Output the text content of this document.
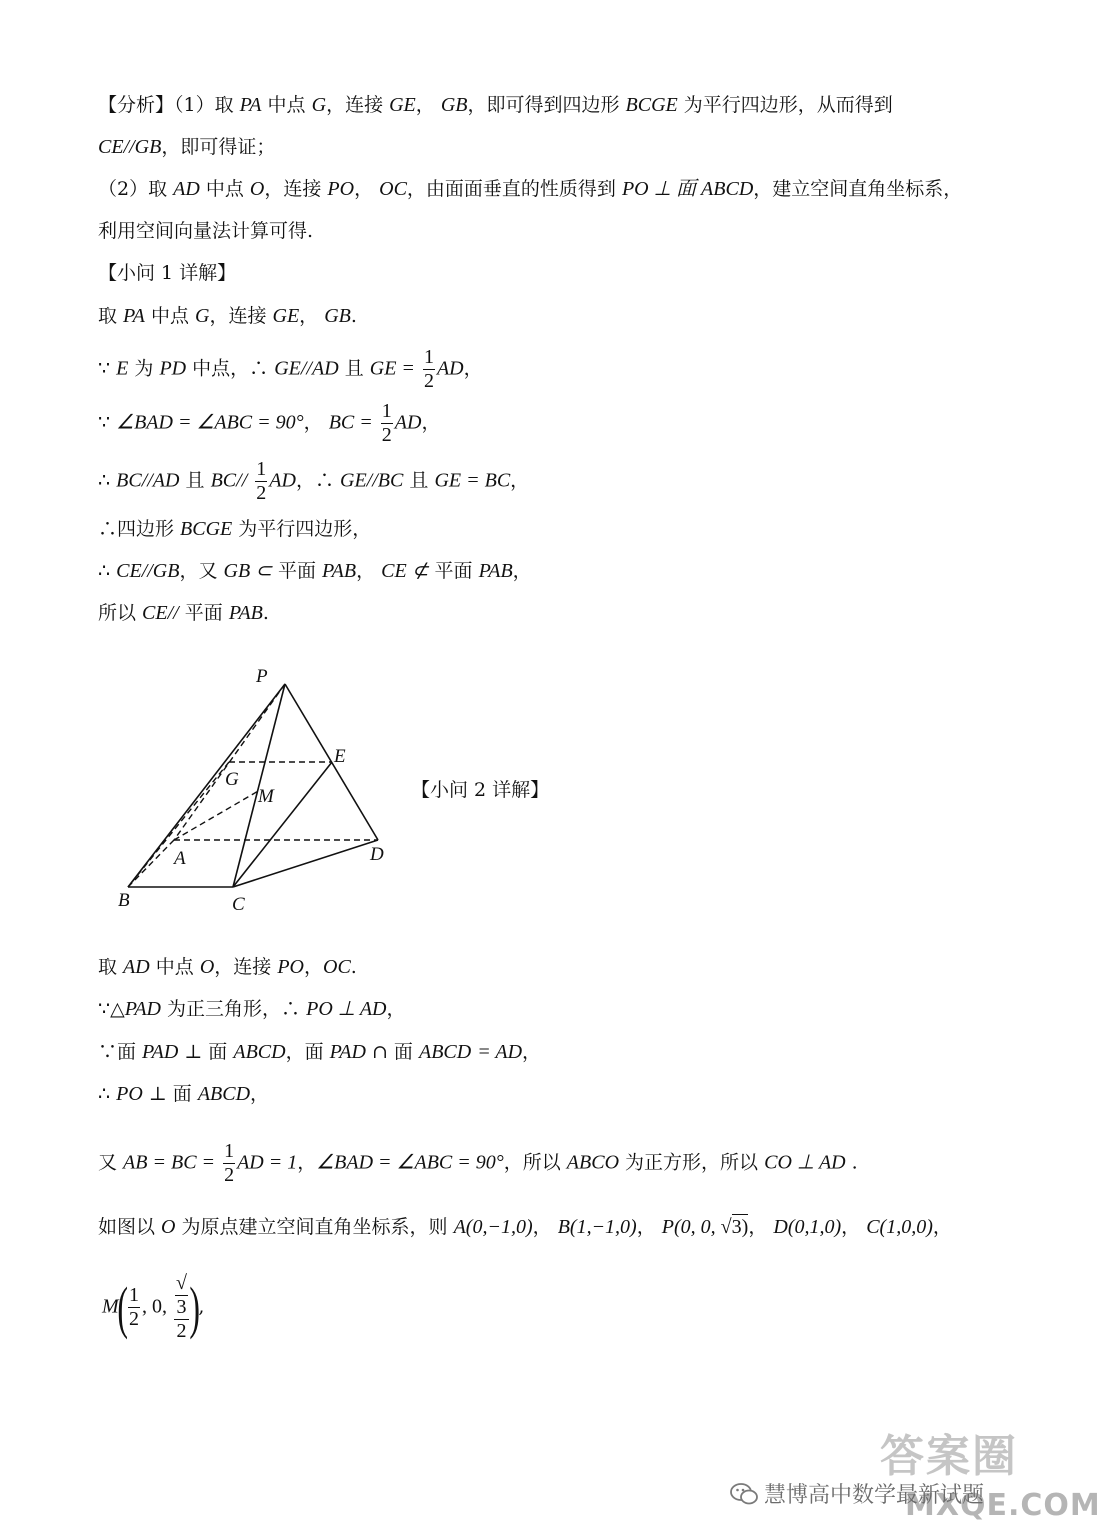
【分析】（1）取 PA 中点 G，连接 GE， GB，即可得到四边形 BCGE 为平行四边形，从而得到
CE//GB，即可得证；
（2）取 AD 中点 O，连接 PO， OC，由面面垂直的性质得到 PO ⊥ 面 ABCD，建立空间直角坐标系，
利用空间向量法计算可得.
【小问 1 详解】
取 PA 中点 G，连接 GE， GB.
∵ E 为 PD 中点，∴ GE//AD 且 GE = $\frac{1}{2}$ AD，
∵ ∠BAD = ∠ABC = 90°， BC = $\frac{1}{2}$ AD，
∴ BC//AD 且 $BC// \frac{1}{2}$ AD，∴ GE//BC 且 GE = BC，
∴四边形 BCGE 为平行四边形，
∴ CE//GB，又 GB ⊂ 平面 PAB， CE ⊄ 平面 PAB，
所以 CE// 平面 PAB.
P
E
G
M
A	D
B	C
【小问 2 详解】
取 AD 中点 O，连接 PO，OC.
∵△PAD 为正三角形，∴ PO ⊥ AD，
∵面 PAD ⊥ 面 ABCD，面 PAD ∩ 面 ABCD = AD，
∴ PO ⊥ 面 ABCD，
又 AB = BC = $\frac{1}{2}$ AD = 1，∠BAD = ∠ABC = 90°，所以 ABCO 为正方形，所以 CO ⊥ AD .
如图以 O 为原点建立空间直角坐标系，则 A(0,−1,0)， B(1,−1,0)， P(0, 0, √3)， D(0,1,0)， C(1,0,0)，
$M( \frac{1}{2}$ , 0, √
3
2 ),
答案圈
MXQE.COM
慧博高中数学最新试题
